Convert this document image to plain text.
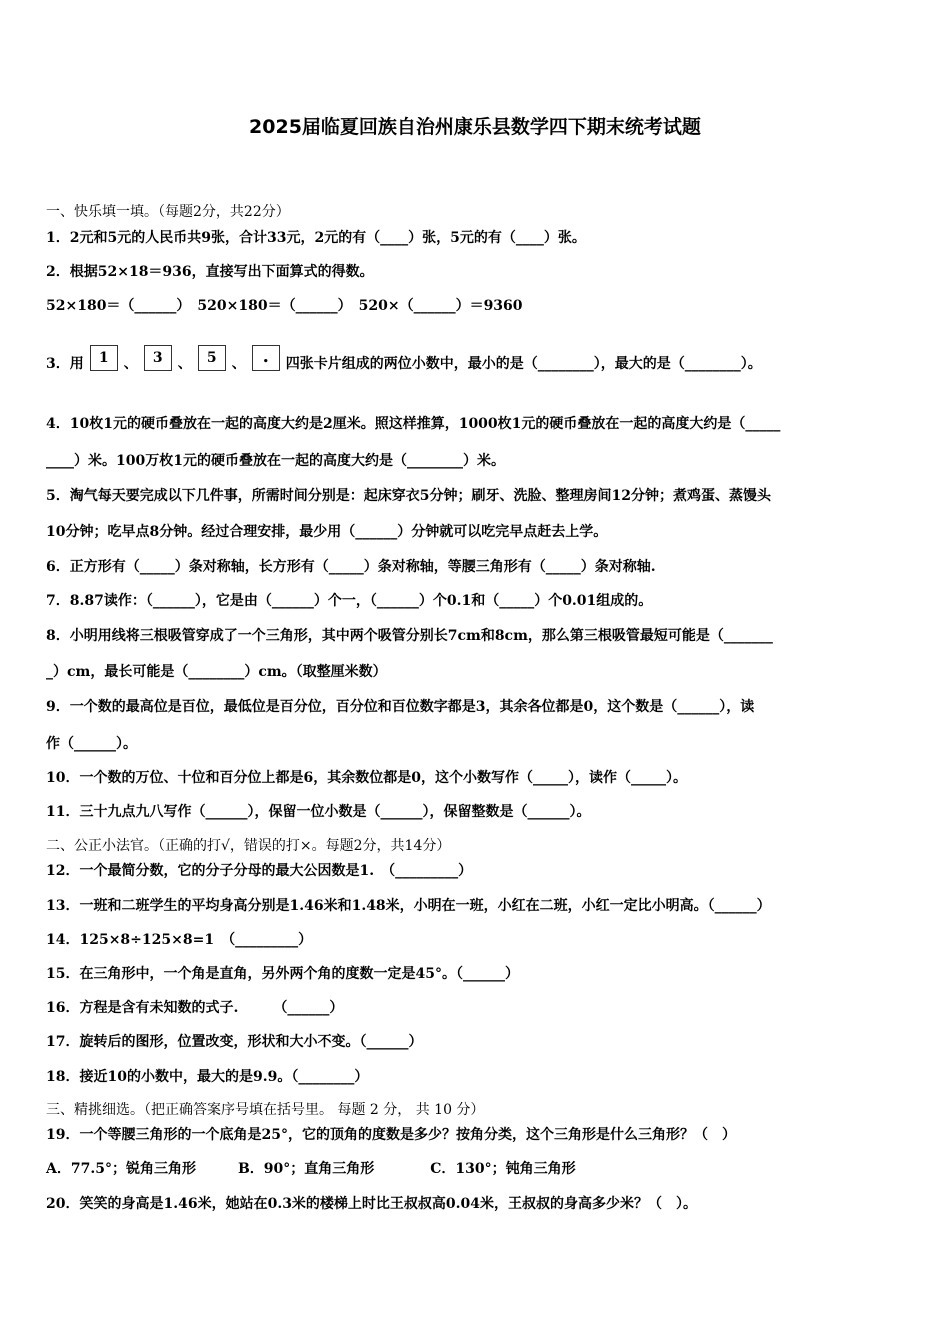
2025届临夏回族自治州康乐县数学四下期末统考试题
一、快乐填一填。（每题2分，共22分）
1．2元和5元的人民币共9张，合计33元，2元的有（____）张，5元的有（____）张。
2．根据52×18＝936，直接写出下面算式的得数。
52×180＝（______）　520×180＝（______）　520×（______）＝9360
3．用 1 、 3 、 5 、 . 四张卡片组成的两位小数中，最小的是（________），最大的是（________）。
4．10枚1元的硬币叠放在一起的高度大约是2厘米。照这样推算，1000枚1元的硬币叠放在一起的高度大约是（_____
____）米。100万枚1元的硬币叠放在一起的高度大约是（________）米。
5．淘气每天要完成以下几件事，所需时间分别是：起床穿衣5分钟；刷牙、洗脸、整理房间12分钟；煮鸡蛋、蒸馒头
10分钟；吃早点8分钟。经过合理安排，最少用（______）分钟就可以吃完早点赶去上学。
6．正方形有（_____）条对称轴，长方形有（_____）条对称轴，等腰三角形有（_____）条对称轴.
7．8.87读作：（______），它是由（______）个一，（______）个0.1和（_____）个0.01组成的。
8．小明用线将三根吸管穿成了一个三角形，其中两个吸管分别长7cm和8cm，那么第三根吸管最短可能是（_______
_）cm，最长可能是（________）cm。（取整厘米数）
9．一个数的最高位是百位，最低位是百分位，百分位和百位数字都是3，其余各位都是0，这个数是（______），读
作（______）。
10．一个数的万位、十位和百分位上都是6，其余数位都是0，这个小数写作（_____），读作（_____）。
11．三十九点九八写作（______），保留一位小数是（______），保留整数是（______）。
二、公正小法官。（正确的打√，错误的打×。每题2分，共14分）
12．一个最简分数，它的分子分母的最大公因数是1.　（_________）
13．一班和二班学生的平均身高分别是1.46米和1.48米，小明在一班，小红在二班，小红一定比小明高。（______）
14．125×8÷125×8=1　（_________）
15．在三角形中，一个角是直角，另外两个角的度数一定是45°。（______）
16．方程是含有未知数的式子.　　　（______）
17．旋转后的图形，位置改变，形状和大小不变。（______）
18．接近10的小数中，最大的是9.9。（________）
三、精挑细选。（把正确答案序号填在括号里。 每题 2 分， 共 10 分）
19．一个等腰三角形的一个底角是25°，它的顶角的度数是多少？按角分类，这个三角形是什么三角形？（　）
A．77.5°；锐角三角形　　　B．90°；直角三角形　　　　C．130°；钝角三角形
20．笑笑的身高是1.46米，她站在0.3米的楼梯上时比王叔叔高0.04米，王叔叔的身高多少米？（　）。
